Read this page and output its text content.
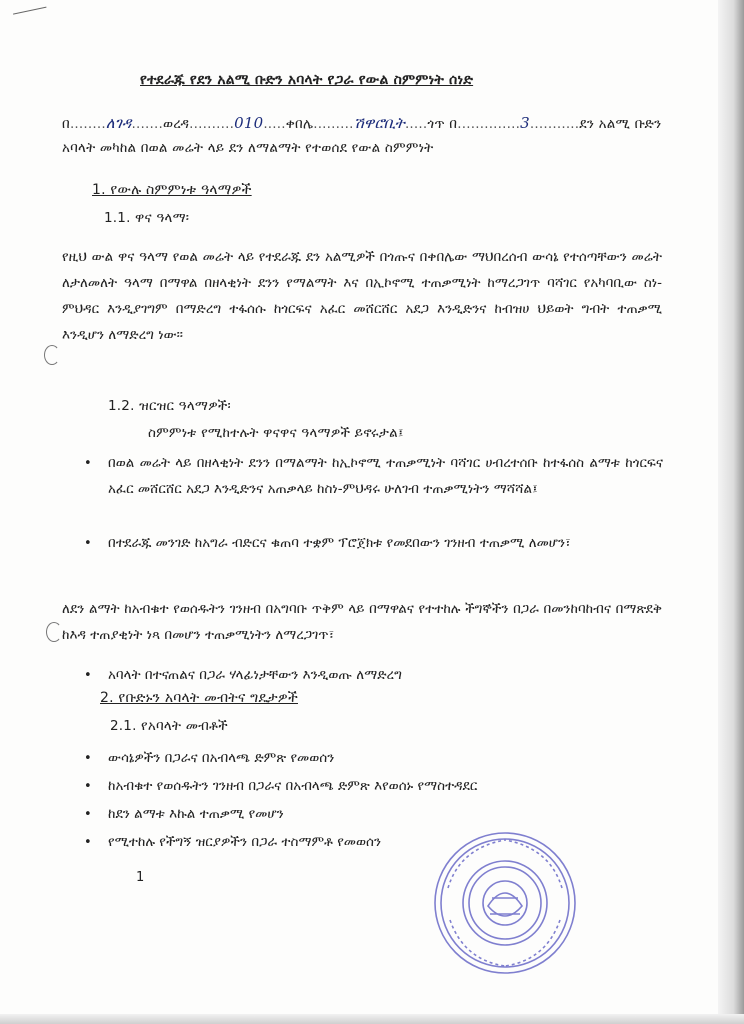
የተደራጁ የደን አልሚ ቡድን አባላት የጋራ የውል ስምምነት ሰነድ
በ........ለገዳ.......ወረዳ..........010.....ቀበሌ.........ሽዋሮቢት.....ጎጥ በ..............3...........ደን አልሚ ቡድን
አባላት መካከል በወል መሬት ላይ ደን ለማልማት የተወሰደ የውል ስምምነት
1. የውሉ ስምምነቱ ዓላማዎች
1.1. ዋና ዓላማ፡
የዚህ ውል ዋና ዓላማ የወል መሬት ላይ የተደራጁ ደን አልሚዎች በጎጡና በቀበሌው ማህበረሰብ ውሳኔ የተሰጣቸውን መሬት ለታለመለት ዓላማ በማዋል በዘላቂነት ደንን የማልማት እና በኢኮኖሚ ተጠቃሚነት ከማረጋገጥ ባሻገር የአካባቢው ስነ-ምህዳር እንዲያገግም በማድረግ ተፋሰሱ ከጎርፍና አፈር መሸርሸር አደጋ እንዲድንና ከብዝሀ ህይወት ግብት ተጠቃሚ እንዲሆን ለማድረግ ነው፡፡
1.2. ዝርዝር ዓላማዎች፡
ስምምነቱ የሚከተሉት ዋናዋና ዓላማዎች ይኖሩታል፤
• በወል መሬት ላይ በዘላቂነት ደንን በማልማት ከኢኮኖሚ ተጠቃሚነት ባሻገር ሀብረተሰቡ ከተፋሰስ ልማቱ ከጎርፍና አፈር መሸርሸር አደጋ እንዲድንና አጠቃላይ ከስነ-ምህዳሩ ሁለገብ ተጠቃሚነትን ማሻሻል፤
• በተደራጁ መንገድ ከአግራ ብድርና ቁጠባ ተቋም ፕሮጀክቱ የመደበውን ገንዘብ ተጠቃሚ ለመሆን፣
ለደን ልማት ከአብቁተ የወሰዱትን ገንዘብ በአግባቡ ጥቅም ላይ በማዋልና የተተከሉ ችግኞችን በጋራ በመንከባከብና በማጽደቅ ከእዳ ተጠያቂነት ነጻ በመሆን ተጠቃሚነትን ለማረጋገጥ፣
• አባላት በተናጠልና በጋራ ሃላፊነታቸውን እንዲወጡ ለማድረግ
2. የቡድኑን አባላት መብትና ግዴታዎች
2.1. የአባላት መብቶች
• ውሳኔዎችን በጋራና በአብላጫ ድምጽ የመወሰን
• ከአብቁተ የወሰዱትን ገንዘብ በጋራና በአብላጫ ድምጽ እየወሰኑ የማስተዳደር
• ከደን ልማቱ እኩል ተጠቃሚ የመሆን
• የሚተከሉ የችግኝ ዝርያዎችን በጋራ ተስማምቶ የመወሰን
1
